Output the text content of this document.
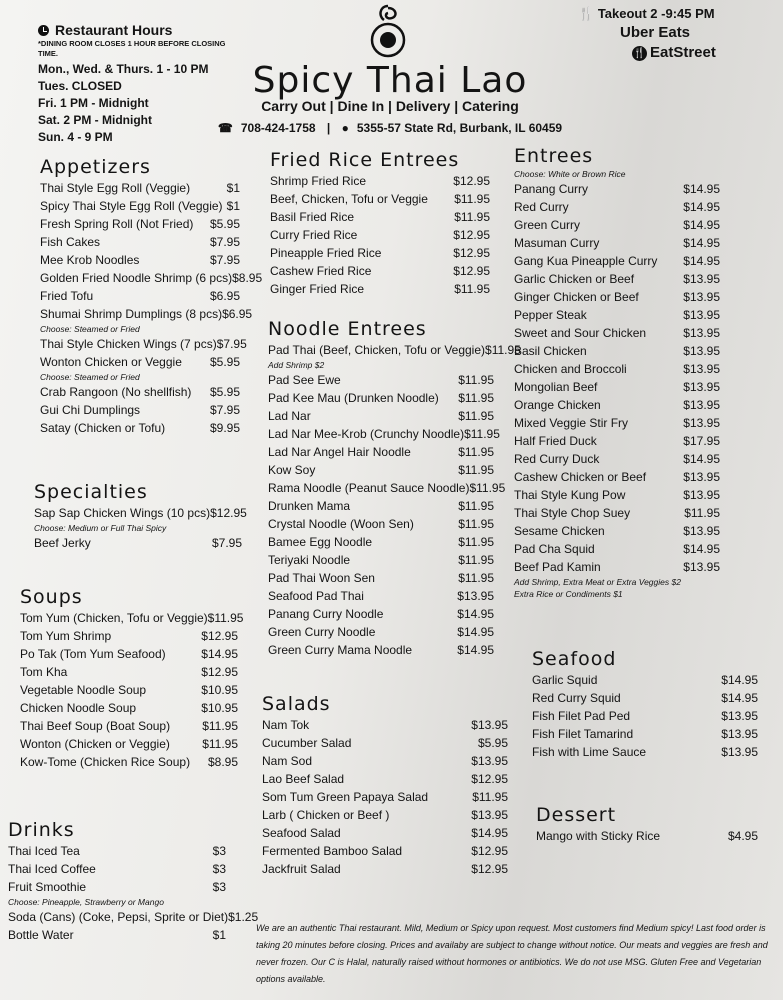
Restaurant Hours
*DINING ROOM CLOSES 1 HOUR BEFORE CLOSING TIME.
Mon., Wed. & Thurs. 1 - 10 PM
Tues. CLOSED
Fri. 1 PM - Midnight
Sat. 2 PM - Midnight
Sun. 4 - 9 PM
Spicy Thai Lao
Carry Out | Dine In | Delivery | Catering
☎ 708-424-1758 | ● 5355-57 State Rd, Burbank, IL 60459
🍴 Takeout 2 -9:45 PM
Uber Eats
🍴 EatStreet
Appetizers
Thai Style Egg Roll (Veggie)	$1
Spicy Thai Style Egg Roll (Veggie) $1
Fresh Spring Roll (Not Fried) $5.95
Fish Cakes	$7.95
Mee Krob Noodles	$7.95
Golden Fried Noodle Shrimp (6 pcs) $8.95
Fried Tofu	$6.95
Shumai Shrimp Dumplings (8 pcs) $6.95
Choose: Steamed or Fried
Thai Style Chicken Wings (7 pcs) $7.95
Wonton Chicken or Veggie $5.95
Choose: Steamed or Fried
Crab Rangoon (No shellfish) $5.95
Gui Chi Dumplings	$7.95
Satay (Chicken or Tofu)	$9.95
Specialties
Sap Sap Chicken Wings (10 pcs) $12.95
Choose: Medium or Full Thai Spicy
Beef Jerky	$7.95
Soups
Tom Yum (Chicken, Tofu or Veggie) $11.95
Tom Yum Shrimp	$12.95
Po Tak (Tom Yum Seafood)	$14.95
Tom Kha	$12.95
Vegetable Noodle Soup	$10.95
Chicken Noodle Soup	$10.95
Thai Beef Soup (Boat Soup)	$11.95
Wonton (Chicken or Veggie)	$11.95
Kow-Tome (Chicken Rice Soup) $8.95
Drinks
Thai Iced Tea	$3
Thai Iced Coffee	$3
Fruit Smoothie	$3
Choose: Pineapple, Strawberry or Mango
Soda (Cans) (Coke, Pepsi, Sprite or Diet) $1.25
Bottle Water	$1
Fried Rice Entrees
Shrimp Fried Rice	$12.95
Beef, Chicken, Tofu or Veggie $11.95
Basil Fried Rice	$11.95
Curry Fried Rice	$12.95
Pineapple Fried Rice	$12.95
Cashew Fried Rice	$12.95
Ginger Fried Rice	$11.95
Noodle Entrees
Pad Thai (Beef, Chicken, Tofu or Veggie) $11.95
Add Shrimp $2
Pad See Ewe	$11.95
Pad Kee Mau (Drunken Noodle) $11.95
Lad Nar	$11.95
Lad Nar Mee-Krob (Crunchy Noodle) $11.95
Lad Nar Angel Hair Noodle	$11.95
Kow Soy	$11.95
Rama Noodle (Peanut Sauce Noodle) $11.95
Drunken Mama	$11.95
Crystal Noodle (Woon Sen)	$11.95
Bamee Egg Noodle	$11.95
Teriyaki Noodle	$11.95
Pad Thai Woon Sen	$11.95
Seafood Pad Thai	$13.95
Panang Curry Noodle	$14.95
Green Curry Noodle	$14.95
Green Curry Mama Noodle	$14.95
Salads
Nam Tok	$13.95
Cucumber Salad	$5.95
Nam Sod	$13.95
Lao Beef Salad	$12.95
Som Tum Green Papaya Salad	$11.95
Larb ( Chicken or Beef )	$13.95
Seafood Salad	$14.95
Fermented Bamboo Salad	$12.95
Jackfruit Salad	$12.95
Entrees
Choose: White or Brown Rice
Panang Curry	$14.95
Red Curry	$14.95
Green Curry	$14.95
Masuman Curry	$14.95
Gang Kua Pineapple Curry $14.95
Garlic Chicken or Beef	$13.95
Ginger Chicken or Beef	$13.95
Pepper Steak	$13.95
Sweet and Sour Chicken	$13.95
Basil Chicken	$13.95
Chicken and Broccoli	$13.95
Mongolian Beef	$13.95
Orange Chicken	$13.95
Mixed Veggie Stir Fry	$13.95
Half Fried Duck	$17.95
Red Curry Duck	$14.95
Cashew Chicken or Beef	$13.95
Thai Style Kung Pow	$13.95
Thai Style Chop Suey	$11.95
Sesame Chicken	$13.95
Pad Cha Squid	$14.95
Beef Pad Kamin	$13.95
Add Shrimp, Extra Meat or Extra Veggies $2
Extra Rice or Condiments $1
Seafood
Garlic Squid	$14.95
Red Curry Squid	$14.95
Fish Filet Pad Ped	$13.95
Fish Filet Tamarind	$13.95
Fish with Lime Sauce	$13.95
Dessert
Mango with Sticky Rice	$4.95
We are an authentic Thai restaurant. Mild, Medium or Spicy upon request. Most customers find Medium spicy! Last food order is taking 20 minutes before closing. Prices and availaby are subject to change without notice. Our meats and veggies are fresh and never frozen. Our C is Halal, naturally raised without hormones or antibiotics. We do not use MSG. Gluten Free and Vegetarian options available.
